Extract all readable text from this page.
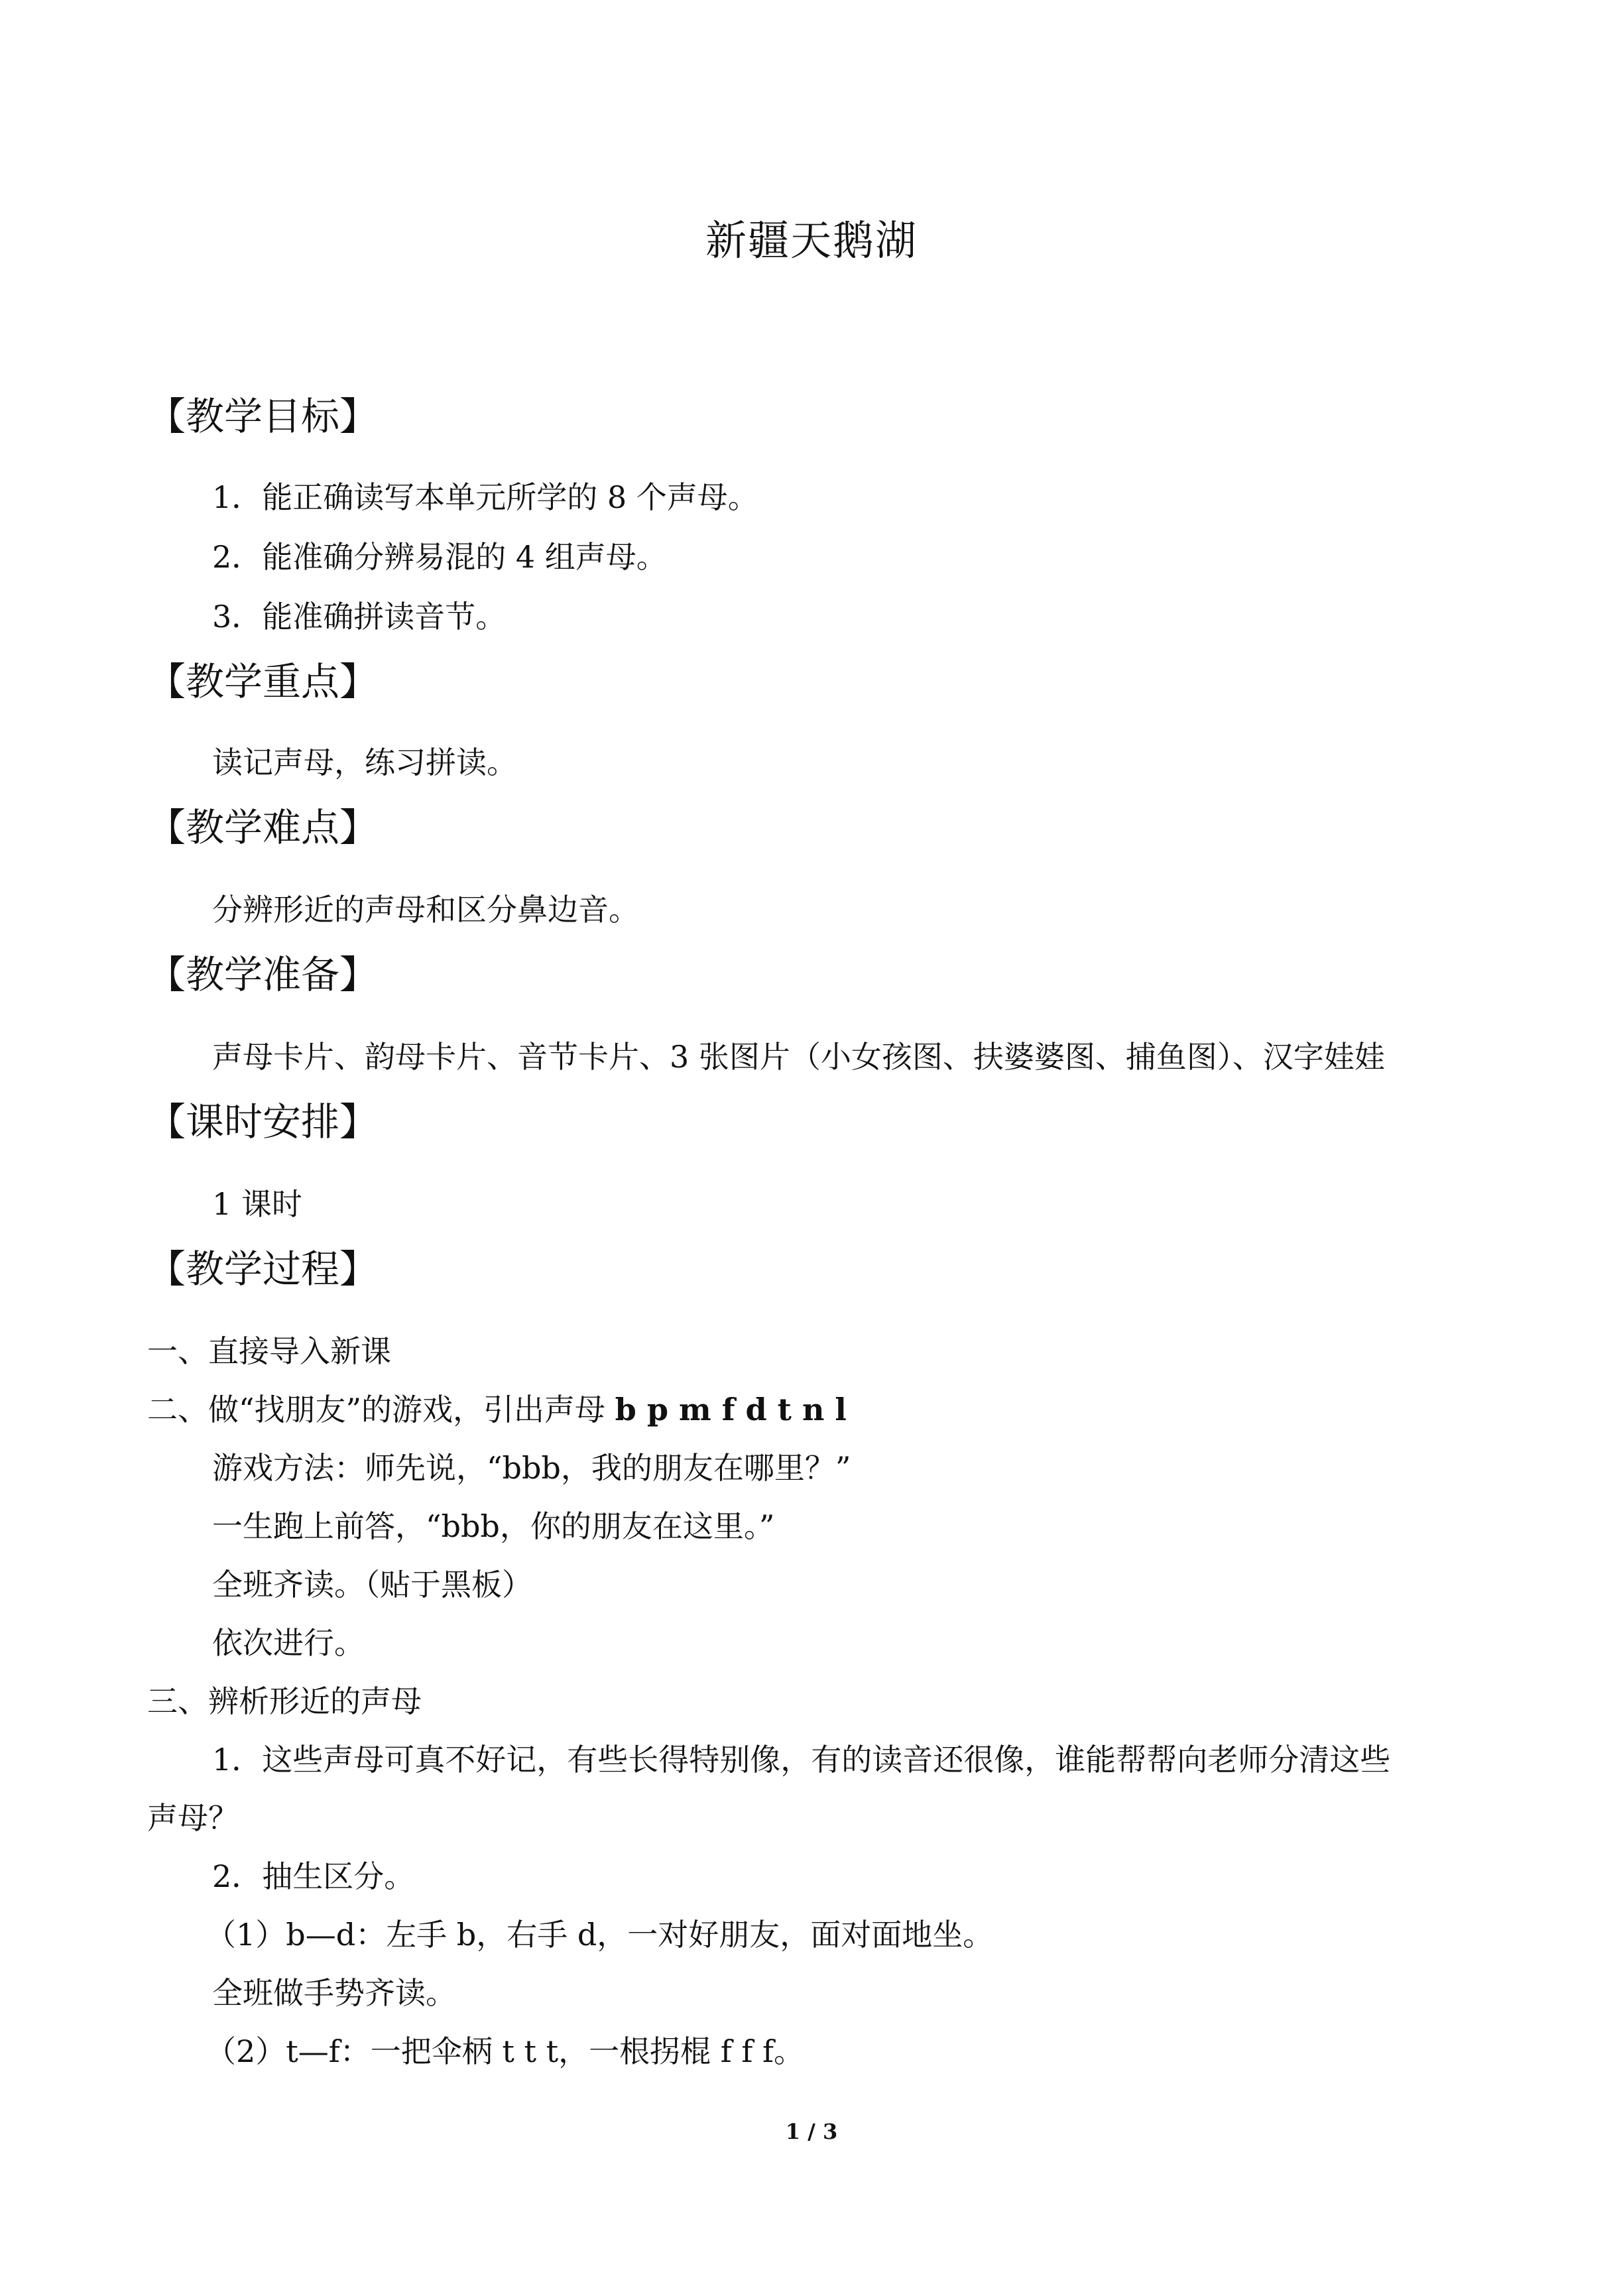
新疆天鹅湖
【教学目标】
1．能正确读写本单元所学的 8 个声母。
2．能准确分辨易混的 4 组声母。
3．能准确拼读音节。
【教学重点】
读记声母，练习拼读。
【教学难点】
分辨形近的声母和区分鼻边音。
【教学准备】
声母卡片、韵母卡片、音节卡片、3 张图片（小女孩图、扶婆婆图、捕鱼图）、汉字娃娃
【课时安排】
1 课时
【教学过程】
一、直接导入新课
二、做“找朋友”的游戏，引出声母 b p m f d t n l
游戏方法：师先说，“bbb，我的朋友在哪里？”
一生跑上前答，“bbb，你的朋友在这里。”
全班齐读。（贴于黑板）
依次进行。
三、辨析形近的声母
1．这些声母可真不好记，有些长得特别像，有的读音还很像，谁能帮帮向老师分清这些
声母？
2．抽生区分。
（1）b—d：左手 b，右手 d，一对好朋友，面对面地坐。
全班做手势齐读。
（2）t—f：一把伞柄 t t t，一根拐棍 f f f。
1 / 3
